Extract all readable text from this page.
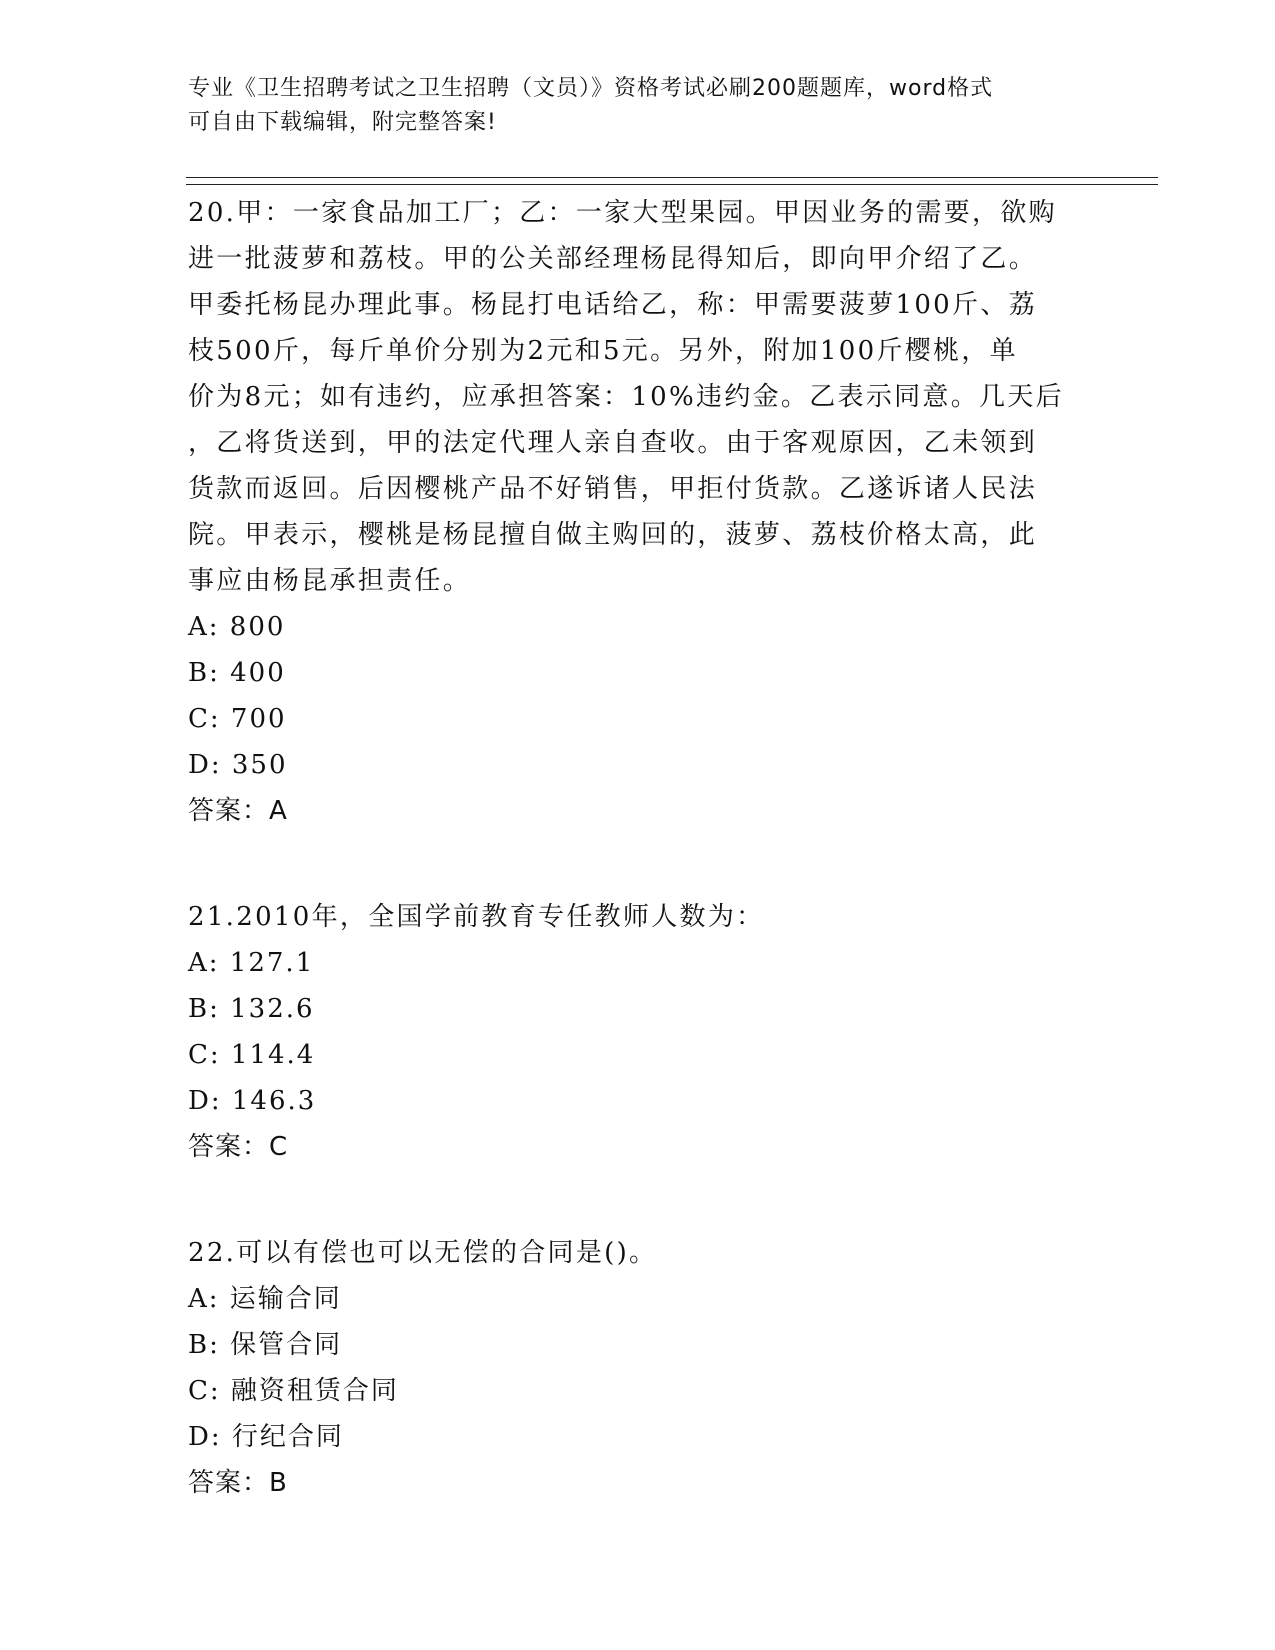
专业《卫生招聘考试之卫生招聘（文员）》资格考试必刷200题题库，word格式
可自由下载编辑，附完整答案!
20.甲：一家食品加工厂；乙：一家大型果园。甲因业务的需要，欲购
进一批菠萝和荔枝。甲的公关部经理杨昆得知后，即向甲介绍了乙。
甲委托杨昆办理此事。杨昆打电话给乙，称：甲需要菠萝100斤、荔
枝500斤，每斤单价分别为2元和5元。另外，附加100斤樱桃，单
价为8元；如有违约，应承担答案：10%违约金。乙表示同意。几天后
，乙将货送到，甲的法定代理人亲自查收。由于客观原因，乙未领到
货款而返回。后因樱桃产品不好销售，甲拒付货款。乙遂诉诸人民法
院。甲表示，樱桃是杨昆擅自做主购回的，菠萝、荔枝价格太高，此
事应由杨昆承担责任。
A: 800
B: 400
C: 700
D: 350
答案：A
21.2010年，全国学前教育专任教师人数为：
A: 127.1
B: 132.6
C: 114.4
D: 146.3
答案：C
22.可以有偿也可以无偿的合同是()。
A: 运输合同
B: 保管合同
C: 融资租赁合同
D: 行纪合同
答案：B
